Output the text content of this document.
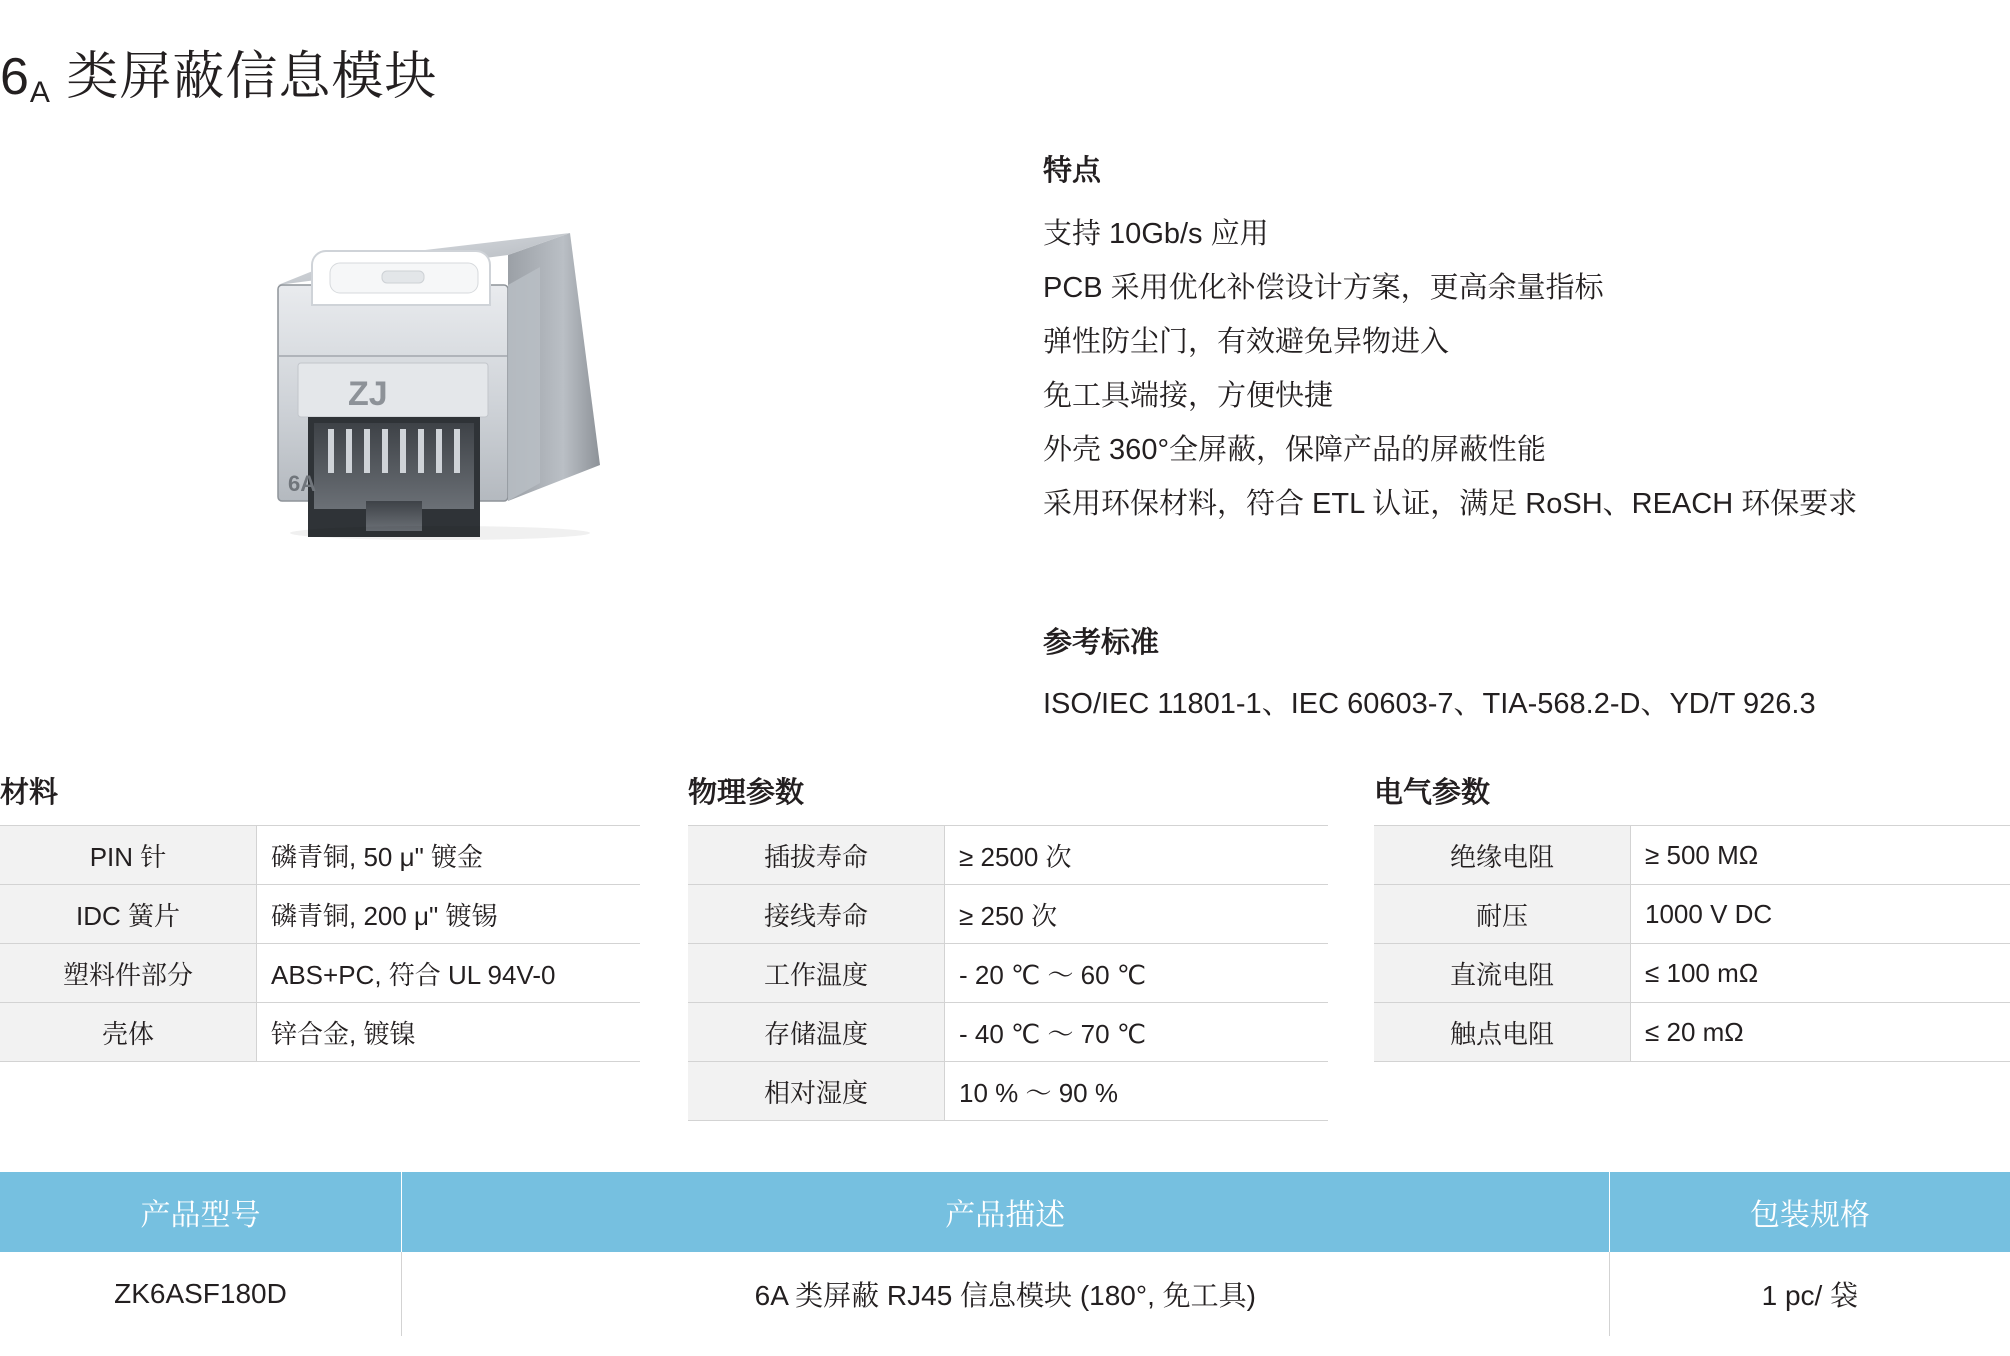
6A 类屏蔽信息模块
ZJ
6A
特点
支持 10Gb/s 应用
PCB 采用优化补偿设计方案，更高余量指标
弹性防尘门，有效避免异物进入
免工具端接，方便快捷
外壳 360°全屏蔽，保障产品的屏蔽性能
采用环保材料，符合 ETL 认证，满足 RoSH、REACH 环保要求
参考标准
ISO/IEC 11801-1、IEC 60603-7、TIA-568.2-D、YD/T 926.3
材料
PIN 针	磷青铜, 50 μ" 镀金
IDC 簧片	磷青铜, 200 μ" 镀锡
塑料件部分	ABS+PC, 符合 UL 94V-0
壳体	锌合金, 镀镍
物理参数
插拔寿命	≥ 2500 次
接线寿命	≥ 250 次
工作温度	- 20 ℃ ～ 60 ℃
存储温度	- 40 ℃ ～ 70 ℃
相对湿度	10 % ～ 90 %
电气参数
绝缘电阻	≥ 500 MΩ
耐压	1000 V DC
直流电阻	≤ 100 mΩ
触点电阻	≤ 20 mΩ
产品型号	产品描述	包装规格
ZK6ASF180D	6A 类屏蔽 RJ45 信息模块 (180°, 免工具)	1 pc/ 袋
